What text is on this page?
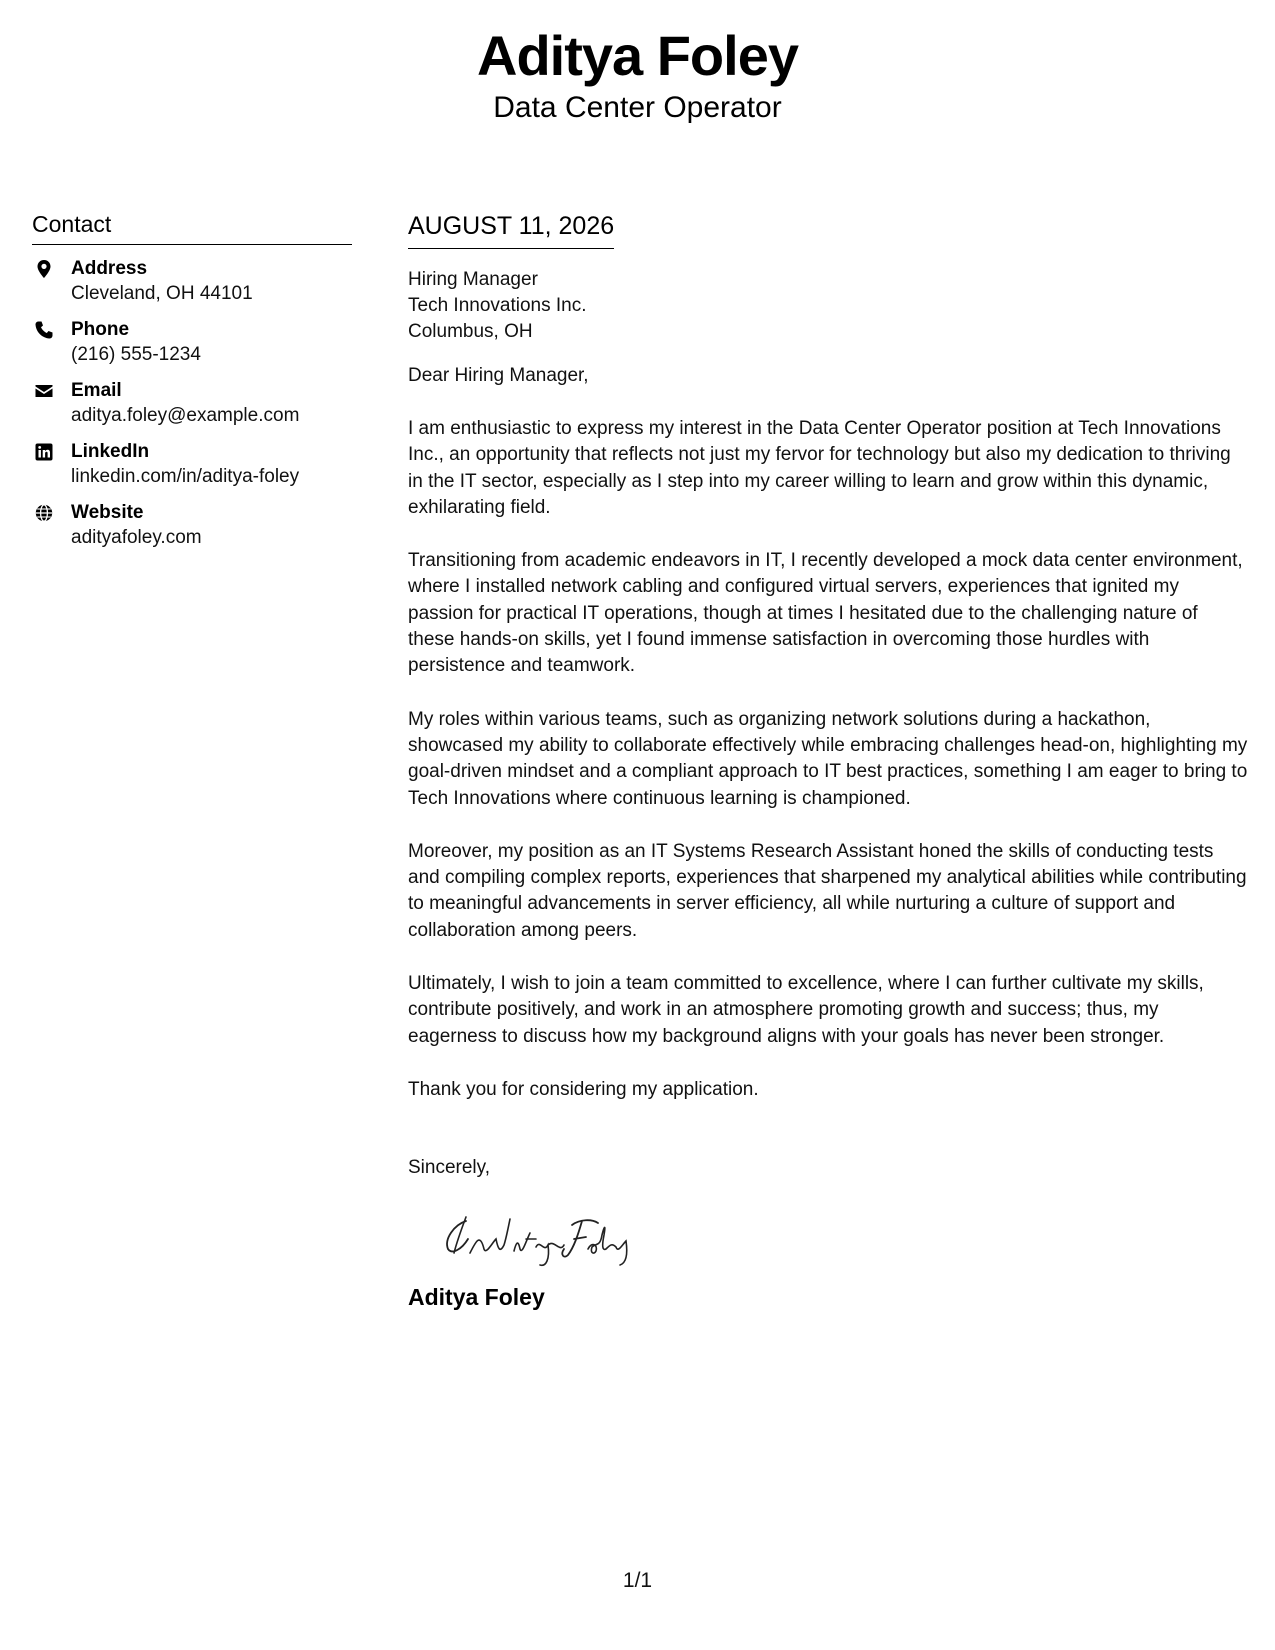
Aditya Foley
Data Center Operator
Contact
Address
Cleveland, OH 44101
Phone
(216) 555-1234
Email
aditya.foley@example.com
LinkedIn
linkedin.com/in/aditya-foley
Website
adityafoley.com
AUGUST 11, 2026
Hiring Manager
Tech Innovations Inc.
Columbus, OH
Dear Hiring Manager,
I am enthusiastic to express my interest in the Data Center Operator position at Tech Innovations Inc., an opportunity that reflects not just my fervor for technology but also my dedication to thriving in the IT sector, especially as I step into my career willing to learn and grow within this dynamic, exhilarating field.
Transitioning from academic endeavors in IT, I recently developed a mock data center environment, where I installed network cabling and configured virtual servers, experiences that ignited my passion for practical IT operations, though at times I hesitated due to the challenging nature of these hands-on skills, yet I found immense satisfaction in overcoming those hurdles with persistence and teamwork.
My roles within various teams, such as organizing network solutions during a hackathon, showcased my ability to collaborate effectively while embracing challenges head-on, highlighting my goal-driven mindset and a compliant approach to IT best practices, something I am eager to bring to Tech Innovations where continuous learning is championed.
Moreover, my position as an IT Systems Research Assistant honed the skills of conducting tests and compiling complex reports, experiences that sharpened my analytical abilities while contributing to meaningful advancements in server efficiency, all while nurturing a culture of support and collaboration among peers.
Ultimately, I wish to join a team committed to excellence, where I can further cultivate my skills, contribute positively, and work in an atmosphere promoting growth and success; thus, my eagerness to discuss how my background aligns with your goals has never been stronger.
Thank you for considering my application.
Sincerely,
Aditya Foley
1/1
